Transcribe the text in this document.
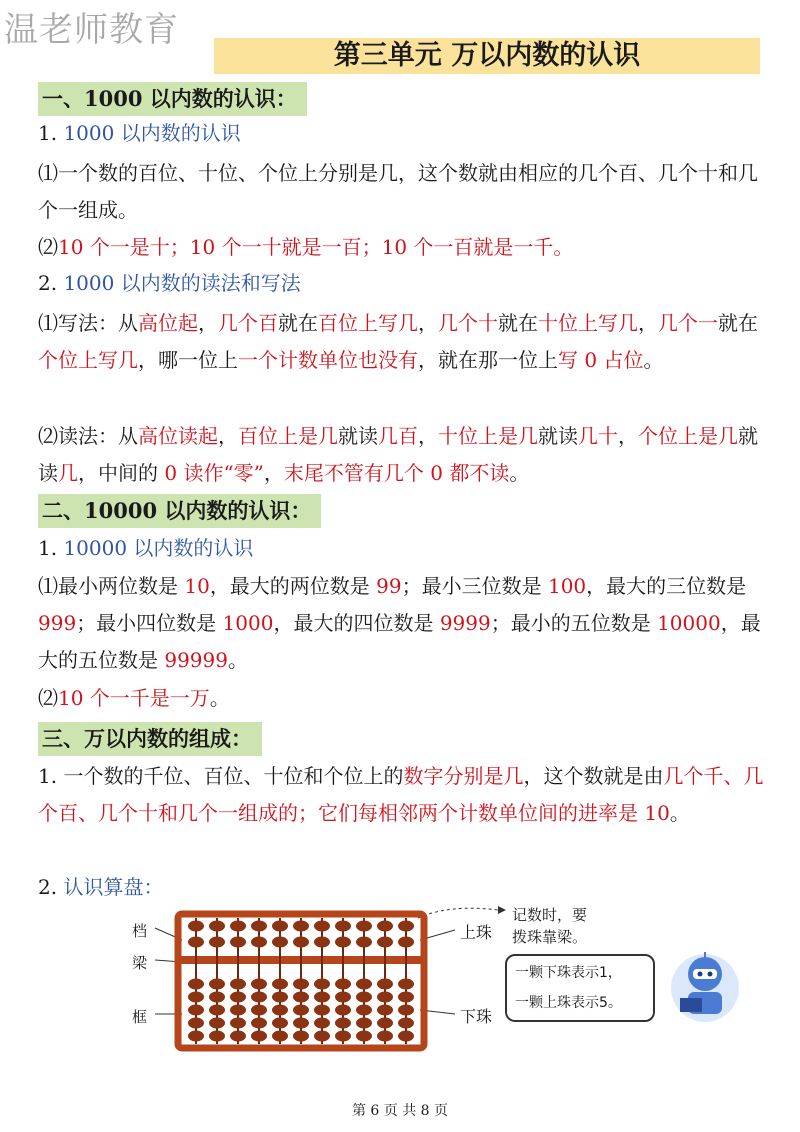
温老师教育
第三单元 万以内数的认识
一、1000 以内数的认识：
1. 1000 以内数的认识
⑴一个数的百位、十位、个位上分别是几，这个数就由相应的几个百、几个十和几个一组成。
⑵10 个一是十；10 个一十就是一百；10 个一百就是一千。
2. 1000 以内数的读法和写法
⑴写法：从高位起，几个百就在百位上写几，几个十就在十位上写几，几个一就在个位上写几，哪一位上一个计数单位也没有，就在那一位上写 0 占位。
⑵读法：从高位读起，百位上是几就读几百，十位上是几就读几十，个位上是几就读几，中间的 0 读作“零”，末尾不管有几个 0 都不读。
二、10000 以内数的认识：
1. 10000 以内数的认识
⑴最小两位数是 10，最大的两位数是 99；最小三位数是 100，最大的三位数是 999；最小四位数是 1000，最大的四位数是 9999；最小的五位数是 10000，最大的五位数是 99999。
⑵10 个一千是一万。
三、万以内数的组成：
1. 一个数的千位、百位、十位和个位上的数字分别是几，这个数就是由几个千、几个百、几个十和几个一组成的；它们每相邻两个计数单位间的进率是 10。
2. 认识算盘：
档
梁
框
上珠
下珠
记数时，要
拨珠靠梁。
一颗下珠表示1，
一颗上珠表示5。
第 6 页 共 8 页
